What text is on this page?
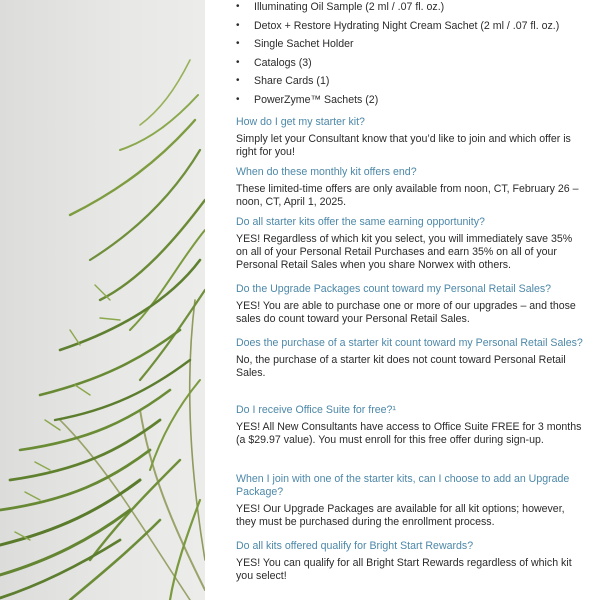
• Illuminating Oil Sample (2 ml / .07 fl. oz.)
• Detox + Restore Hydrating Night Cream Sachet (2 ml / .07 fl. oz.)
• Single Sachet Holder
• Catalogs (3)
• Share Cards (1)
• PowerZyme™ Sachets (2)

How do I get my starter kit?

Simply let your Consultant know that you’d like to join and which offer is right for you!

When do these monthly kit offers end?

These limited-time offers are only available from noon, CT, February 26 – noon, CT, April 1, 2025.

Do all starter kits offer the same earning opportunity?

YES! Regardless of which kit you select, you will immediately save 35% on all of your Personal Retail Purchases and earn 35% on all of your Personal Retail Sales when you share Norwex with others.

Do the Upgrade Packages count toward my Personal Retail Sales?

YES! You are able to purchase one or more of our upgrades – and those sales do count toward your Personal Retail Sales.

Does the purchase of a starter kit count toward my Personal Retail Sales?

No, the purchase of a starter kit does not count toward Personal Retail Sales.

Do I receive Office Suite for free?¹

YES! All New Consultants have access to Office Suite FREE for 3 months (a $29.97 value). You must enroll for this free offer during sign-up.

When I join with one of the starter kits, can I choose to add an Upgrade Package?

YES! Our Upgrade Packages are available for all kit options; however, they must be purchased during the enrollment process.

Do all kits offered qualify for Bright Start Rewards?

YES! You can qualify for all Bright Start Rewards regardless of which kit you select!
